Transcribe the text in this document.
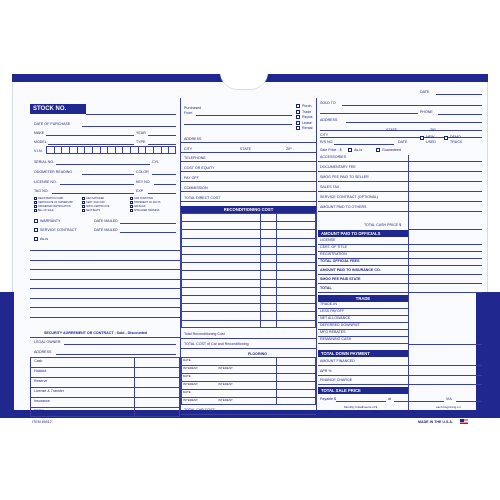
DATE
STOCK NO.
DATE OF PURCHASE
MAKE	YEAR
MODEL	TYPE
V.I.N.
SERIAL NO.	CYL
ODOMETER READING	COLOR
LICENSE NO.	KEY NO.
TAG NO.	EXP
WARRANTY	DATE MAILED
SERVICE CONTRACT	DATE MAILED
As-Is
SECURITY AGREEMENT OR CONTRACT : Sold - Discounted
LEGAL OWNER:
ADDRESS
ITEM #5512
Purchased
From
RECONDITIONING COST
Total Reconditioning Cost
TOTAL COST of Car and Reconditioning
FLOORING
TOTAL CAR COST
SOLD TO
PHONE
ADDRESS
CITY
STATE	ZIP
R/S NO.	DATE
NEW
USED
DEMO
TRUCK
Sale Price - $	As-Is	Guaranteed
TOTAL CASH PRICE $
AMOUNT PAID TO OFFICIALS
TRADE
TOTAL DOWN PAYMENT
TOTAL SALE PRICE
Payable $	at	VIA
Monthly Installments of $	each beginning on
VIA	and $	on	VIA
MADE IN THE U.S.A.
REGISTRATION CARD
CERTIFICATE OF OWNERSHIP
ODOMETER CERTIFICATION
BILL OF SALE
LIEN SATISFIED
CERT. SIGN OFF
SMOG CERTIFICATE
SEAT BELTS
CAR CONDITION
STATEMENT OF FACTS
AIR BAGS
SHOULDER HARNESS
Cash
Holdout
Reserve
License & Transfer
Insurance
TOTAL
Purch.
Trade
Repos
Lease
Rental
ADDRESS
CITY	STATE	ZIP
TELEPHONE
COST OR EQUITY
PAY OFF
COMMISSION
TOTAL DIRECT COST
DATE
INTEREST	INTEREST
DATE
INTEREST	INTEREST
DATE
INTEREST	INTEREST
ACCESSORIES
DOCUMENTARY FEE
SMOG FEE PAID TO SELLER
SALES TAX
SERVICE CONTRACT (OPTIONAL)
AMOUNT PAID TO OTHERS
LICENSE
CERT. OF TITLE
REGISTRATION
TOTAL OFFICIAL FEES
AMOUNT PAID TO INSURANCE CO.
SMOG FEE PAID STATE
TOTAL
TRADE-IN
LESS PAYOFF
NET ALLOWANCE
DEFERRED DOWNPMT
MFG REBATES
REMAINING CASH
AMOUNT FINANCED
APR %
FINANCE CHARGE
